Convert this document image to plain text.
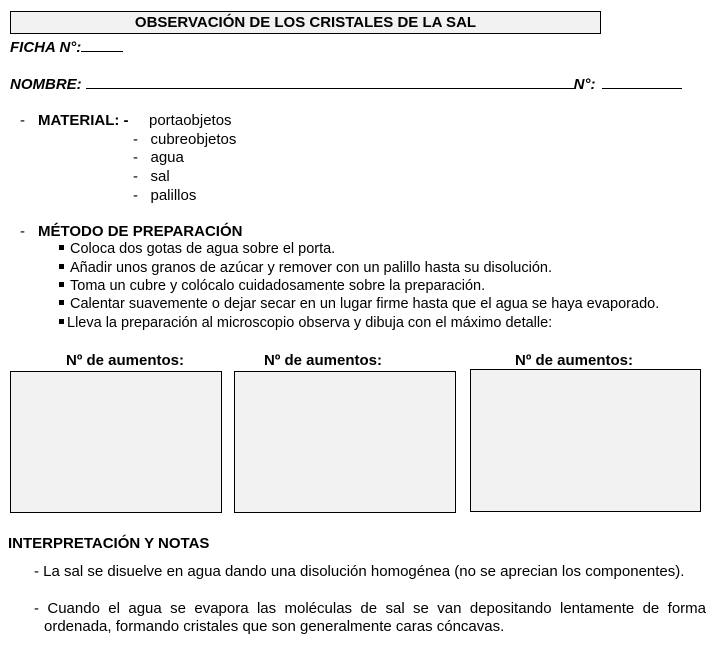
OBSERVACIÓN DE LOS CRISTALES DE LA SAL
FICHA N°:
NOMBRE:	N°:
- MATERIAL: - portaobjetos
-   cubreobjetos
-   agua
-   sal
-   palillos
- MÉTODO DE PREPARACIÓN
Coloca dos gotas de agua sobre el porta.
Añadir unos granos de azúcar y remover con un palillo hasta su disolución.
Toma un cubre y colócalo cuidadosamente sobre la preparación.
Calentar suavemente o dejar secar en un lugar firme hasta que el agua se haya evaporado.
Lleva la preparación al microscopio observa y dibuja con el máximo detalle:
Nº de aumentos:	Nº de aumentos:	Nº de aumentos:
INTERPRETACIÓN Y NOTAS
- La sal se disuelve en agua dando una disolución homogénea (no se aprecian los componentes).
- Cuando el agua se evapora las moléculas de sal se van depositando lentamente de forma ordenada, formando cristales que son generalmente caras cóncavas.
